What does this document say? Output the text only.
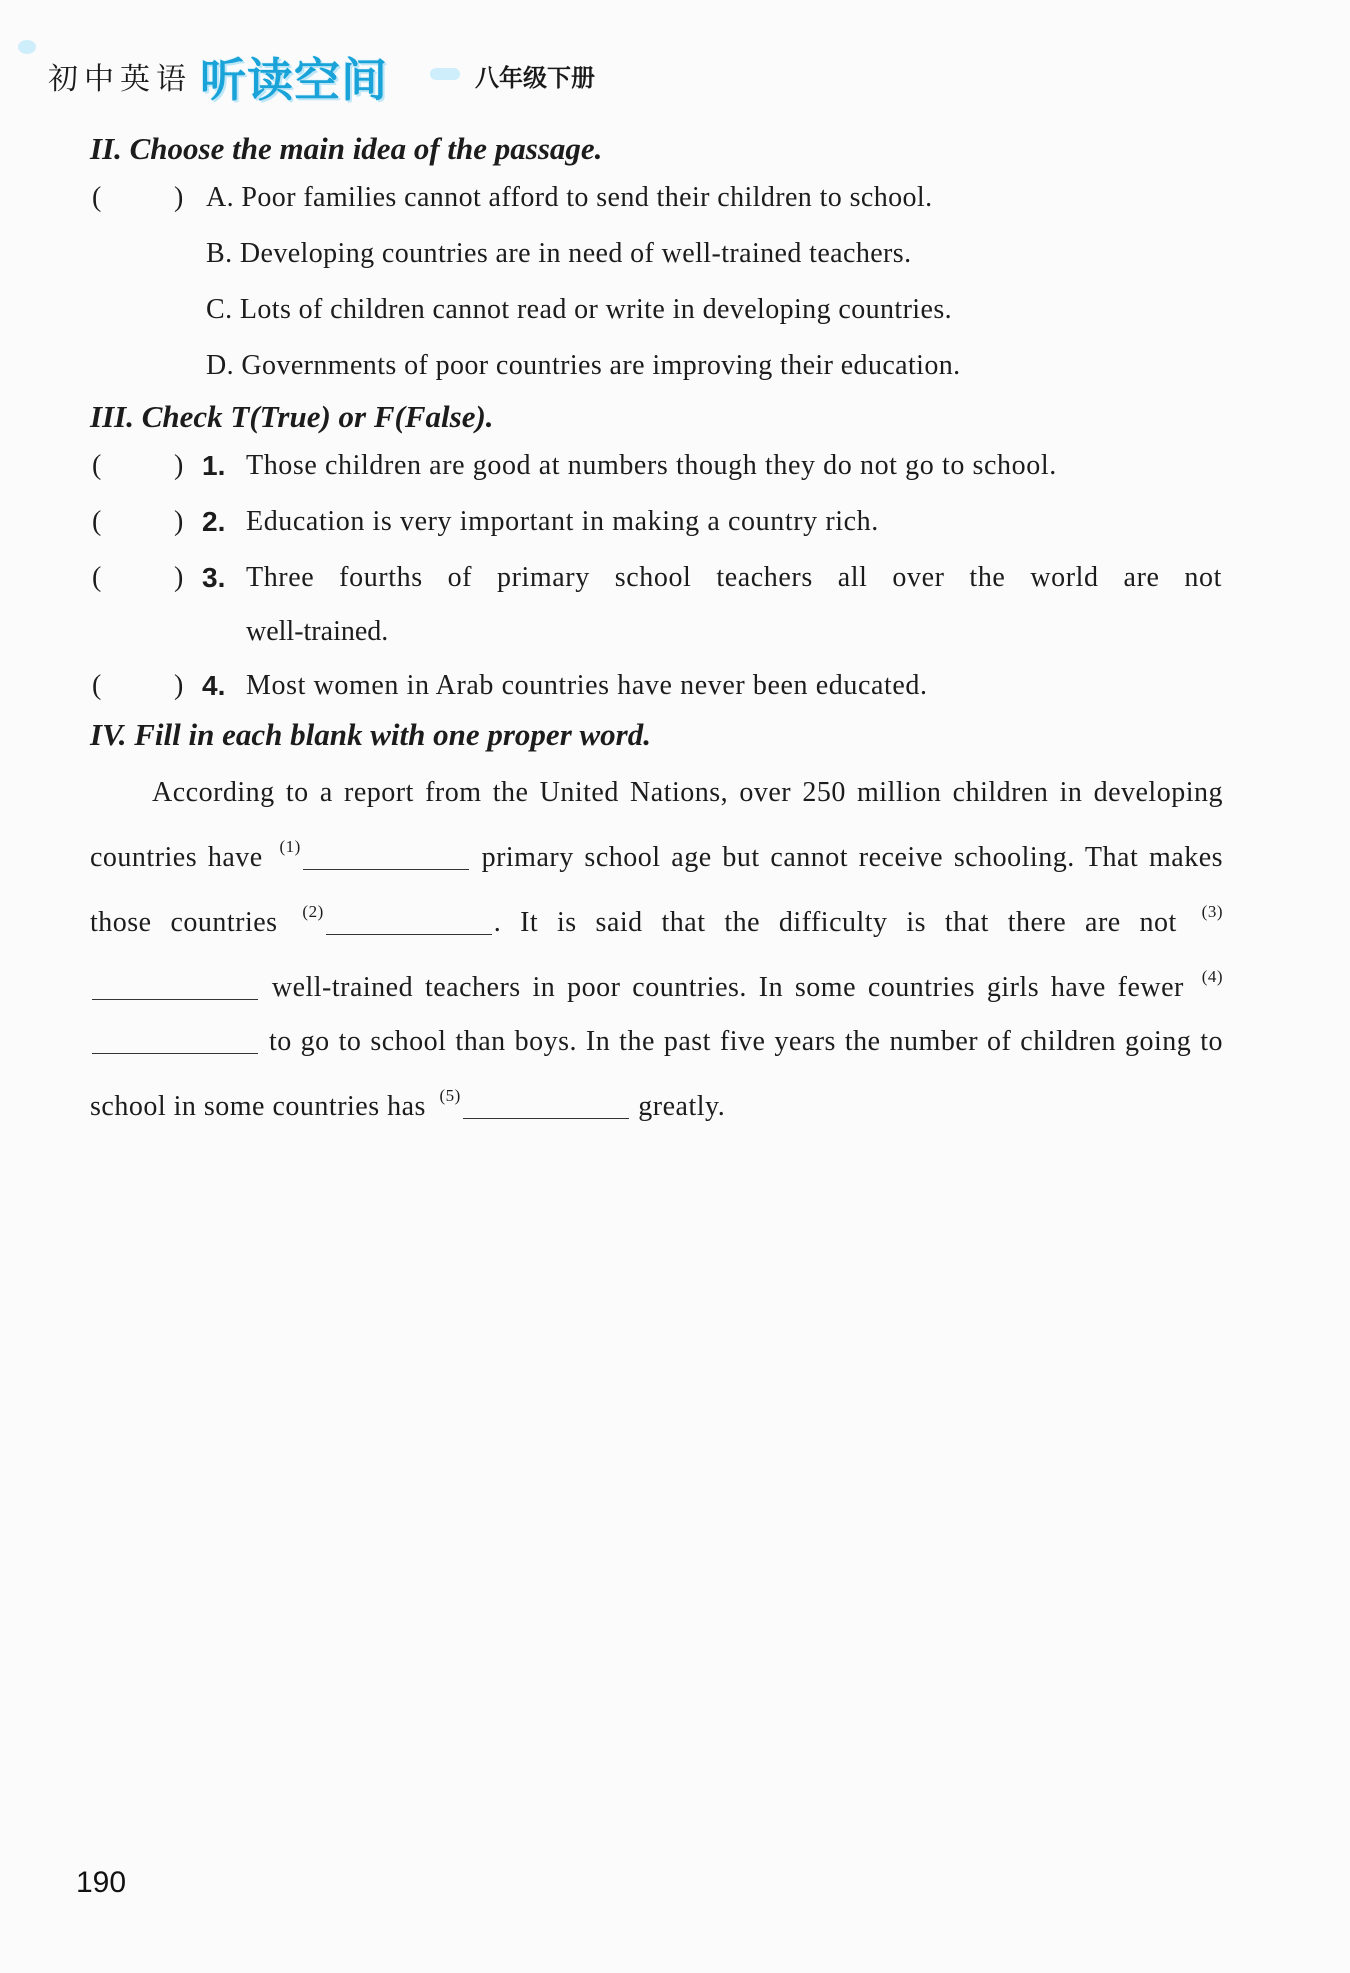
初中英语 听读空间	八年级下册
II. Choose the main idea of the passage.
(	) A. Poor families cannot afford to send their children to school.
B. Developing countries are in need of well-trained teachers.
C. Lots of children cannot read or write in developing countries.
D. Governments of poor countries are improving their education.
III. Check T(True) or F(False).
(	) 1. Those children are good at numbers though they do not go to school.
(	) 2. Education is very important in making a country rich.
(	) 3. Three fourths of primary school teachers all over the world are not
well-trained.
(	) 4. Most women in Arab countries have never been educated.
IV. Fill in each blank with one proper word.

According to a report from the United Nations, over 250 million children in developing countries have $^{(1)}$	primary school age but cannot receive schooling. That makes those countries $^{(2)}$	. It is said that the difficulty is that there are not $^{(3)}$ well-trained teachers in poor countries. In some countries girls have fewer $^{(4)}$ to go to school than boys. In the past five years the number of children going to school in some countries has $^{(5)}$	greatly.

190
